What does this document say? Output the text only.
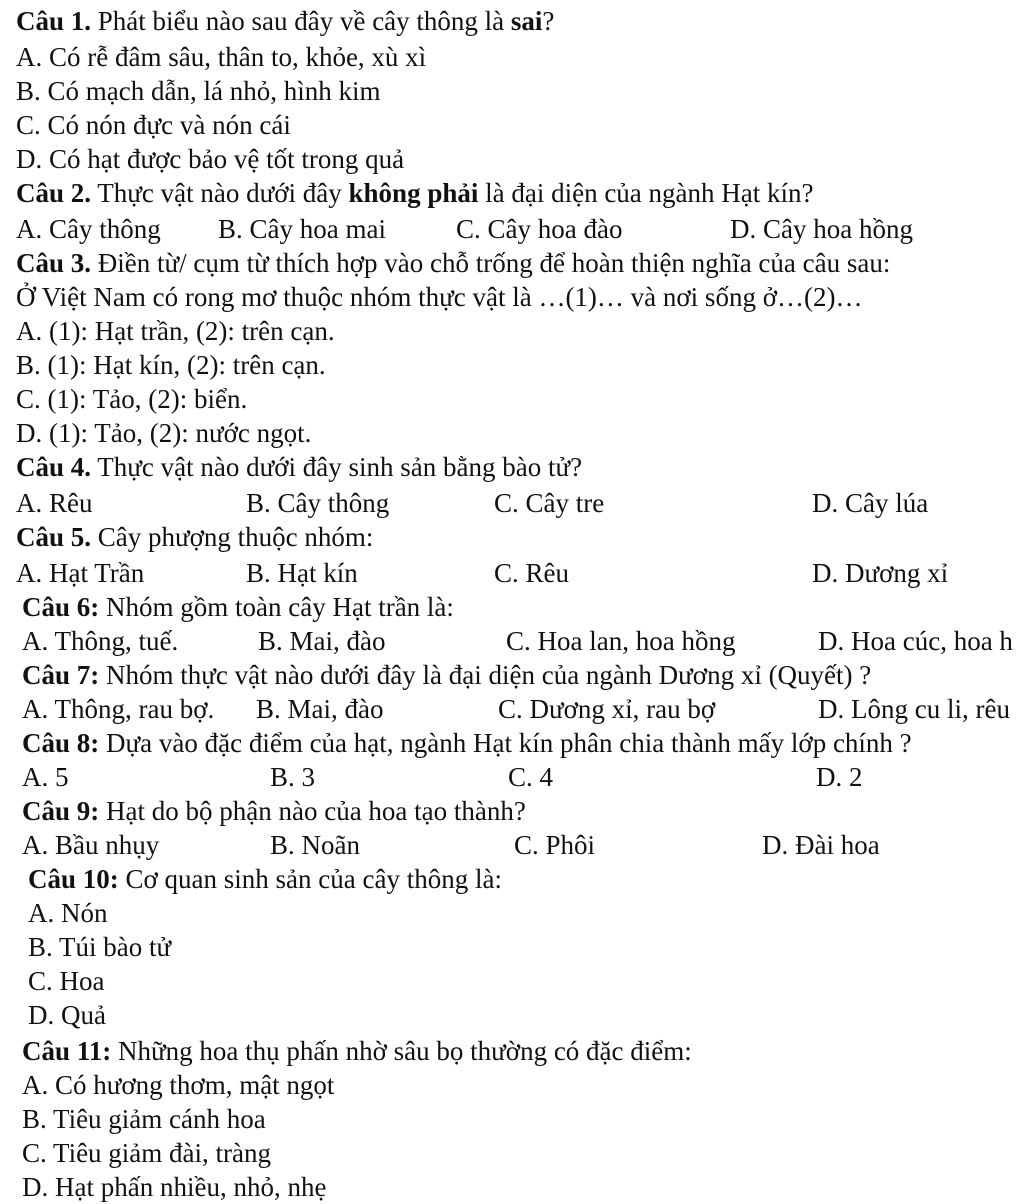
Câu 1. Phát biểu nào sau đây về cây thông là sai?
A. Có rễ đâm sâu, thân to, khỏe, xù xì
B. Có mạch dẫn, lá nhỏ, hình kim
C. Có nón đực và nón cái
D. Có hạt được bảo vệ tốt trong quả
Câu 2. Thực vật nào dưới đây không phải là đại diện của ngành Hạt kín?
A. Cây thông B. Cây hoa mai	C. Cây hoa đào	D. Cây hoa hồng
Câu 3. Điền từ/ cụm từ thích hợp vào chỗ trống để hoàn thiện nghĩa của câu sau:
Ở Việt Nam có rong mơ thuộc nhóm thực vật là …(1)… và nơi sống ở…(2)…
A. (1): Hạt trần, (2): trên cạn.
B. (1): Hạt kín, (2): trên cạn.
C. (1): Tảo, (2): biển.
D. (1): Tảo, (2): nước ngọt.
Câu 4. Thực vật nào dưới đây sinh sản bằng bào tử?
A. Rêu	B. Cây thông	C. Cây tre	D. Cây lúa
Câu 5. Cây phượng thuộc nhóm:
A. Hạt Trần	B. Hạt kín	C. Rêu	D. Dương xỉ
Câu 6: Nhóm gồm toàn cây Hạt trần là:
A. Thông, tuế.	B. Mai, đào	C. Hoa lan, hoa hồng	D. Hoa cúc, hoa h
Câu 7: Nhóm thực vật nào dưới đây là đại diện của ngành Dương xỉ (Quyết) ?
A. Thông, rau bợ. B. Mai, đào	C. Dương xỉ, rau bợ	D. Lông cu li, rêu
Câu 8: Dựa vào đặc điểm của hạt, ngành Hạt kín phân chia thành mấy lớp chính ?
A. 5	B. 3	C. 4	D. 2
Câu 9: Hạt do bộ phận nào của hoa tạo thành?
A. Bầu nhụy	B. Noãn	C. Phôi	D. Đài hoa
Câu 10: Cơ quan sinh sản của cây thông là:
A. Nón
B. Túi bào tử
C. Hoa
D. Quả
Câu 11: Những hoa thụ phấn nhờ sâu bọ thường có đặc điểm:
A. Có hương thơm, mật ngọt
B. Tiêu giảm cánh hoa
C. Tiêu giảm đài, tràng
D. Hạt phấn nhiều, nhỏ, nhẹ
